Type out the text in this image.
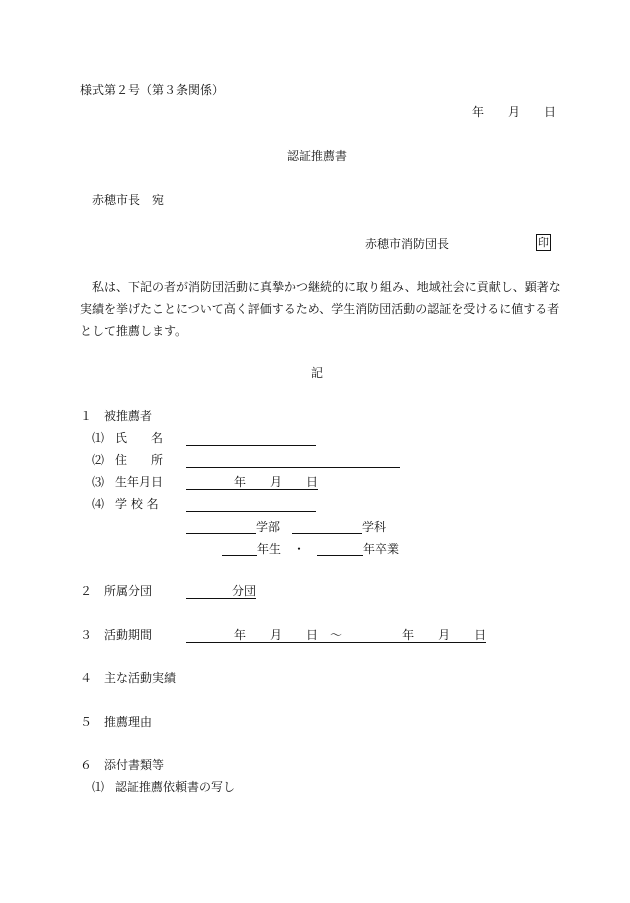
様式第２号（第３条関係）
年 月 日
認証推薦書
赤穂市長　宛
赤穂市消防団長	印
私は、下記の者が消防団活動に真摯かつ継続的に取り組み、地域社会に貢献し、顕著な
実績を挙げたことについて高く評価するため、学生消防団活動の認証を受けるに値する者
として推薦します。
記
１　被推薦者
⑴ 氏　　名
⑵ 住　　所
⑶ 生年月日	年 月 日
⑷ 学 校 名
学部	学科
年生 ・	年卒業
２　所属分団	分団
３　活動期間	年 月 日 ～	年 月 日
４　主な活動実績
５　推薦理由
６　添付書類等
⑴ 認証推薦依頼書の写し
